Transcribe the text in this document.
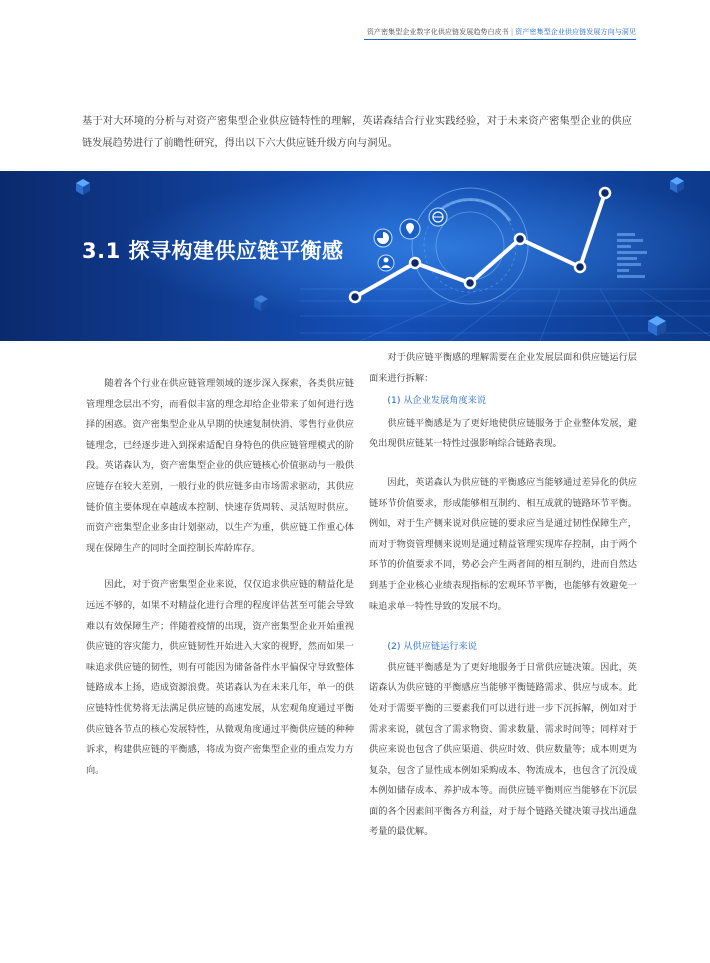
资产密集型企业数字化供应链发展趋势白皮书 | 资产密集型企业供应链发展方向与洞见
基于对大环境的分析与对资产密集型企业供应链特性的理解，英诺森结合行业实践经验，对于未来资产密集型企业的供应链发展趋势进行了前瞻性研究，得出以下六大供应链升级方向与洞见。
3.1 探寻构建供应链平衡感

随着各个行业在供应链管理领域的逐步深入探索，各类供应链管理理念层出不穷，而看似丰富的理念却给企业带来了如何进行选择的困惑。资产密集型企业从早期的快速复制快消、零售行业供应链理念，已经逐步进入到探索适配自身特色的供应链管理模式的阶段。英诺森认为，资产密集型企业的供应链核心价值驱动与一般供应链存在较大差别，一般行业的供应链多由市场需求驱动，其供应链价值主要体现在卓越成本控制、快速存货周转、灵活短时供应。而资产密集型企业多由计划驱动，以生产为重，供应链工作重心体现在保障生产的同时全面控制长库龄库存。

因此，对于资产密集型企业来说，仅仅追求供应链的精益化是远远不够的，如果不对精益化进行合理的程度评估甚至可能会导致难以有效保障生产；伴随着疫情的出现，资产密集型企业开始重视供应链的容灾能力，供应链韧性开始进入大家的视野，然而如果一味追求供应链的韧性，则有可能因为储备备件水平偏保守导致整体链路成本上扬，造成资源浪费。英诺森认为在未来几年，单一的供应链特性优势将无法满足供应链的高速发展，从宏观角度通过平衡供应链各节点的核心发展特性，从微观角度通过平衡供应链的种种诉求，构建供应链的平衡感，将成为资产密集型企业的重点发力方向。

对于供应链平衡感的理解需要在企业发展层面和供应链运行层面来进行拆解：

(1) 从企业发展角度来说

供应链平衡感是为了更好地使供应链服务于企业整体发展，避免出现供应链某一特性过强影响综合链路表现。

因此，英诺森认为供应链的平衡感应当能够通过差异化的供应链环节价值要求，形成能够相互制约、相互成就的链路环节平衡。例如，对于生产侧来说对供应链的要求应当是通过韧性保障生产，而对于物资管理侧来说则是通过精益管理实现库存控制，由于两个环节的价值要求不同，势必会产生两者间的相互制约，进而自然达到基于企业核心业绩表现指标的宏观环节平衡，也能够有效避免一味追求单一特性导致的发展不均。

(2) 从供应链运行来说

供应链平衡感是为了更好地服务于日常供应链决策。因此，英诺森认为供应链的平衡感应当能够平衡链路需求、供应与成本。此处对于需要平衡的三要素我们可以进行进一步下沉拆解，例如对于需求来说，就包含了需求物资、需求数量、需求时间等；同样对于供应来说也包含了供应渠道、供应时效、供应数量等；成本则更为复杂，包含了显性成本例如采购成本、物流成本，也包含了沉没成本例如储存成本、养护成本等。而供应链平衡则应当能够在下沉层面的各个因素间平衡各方利益，对于每个链路关键决策寻找出通盘考量的最优解。
